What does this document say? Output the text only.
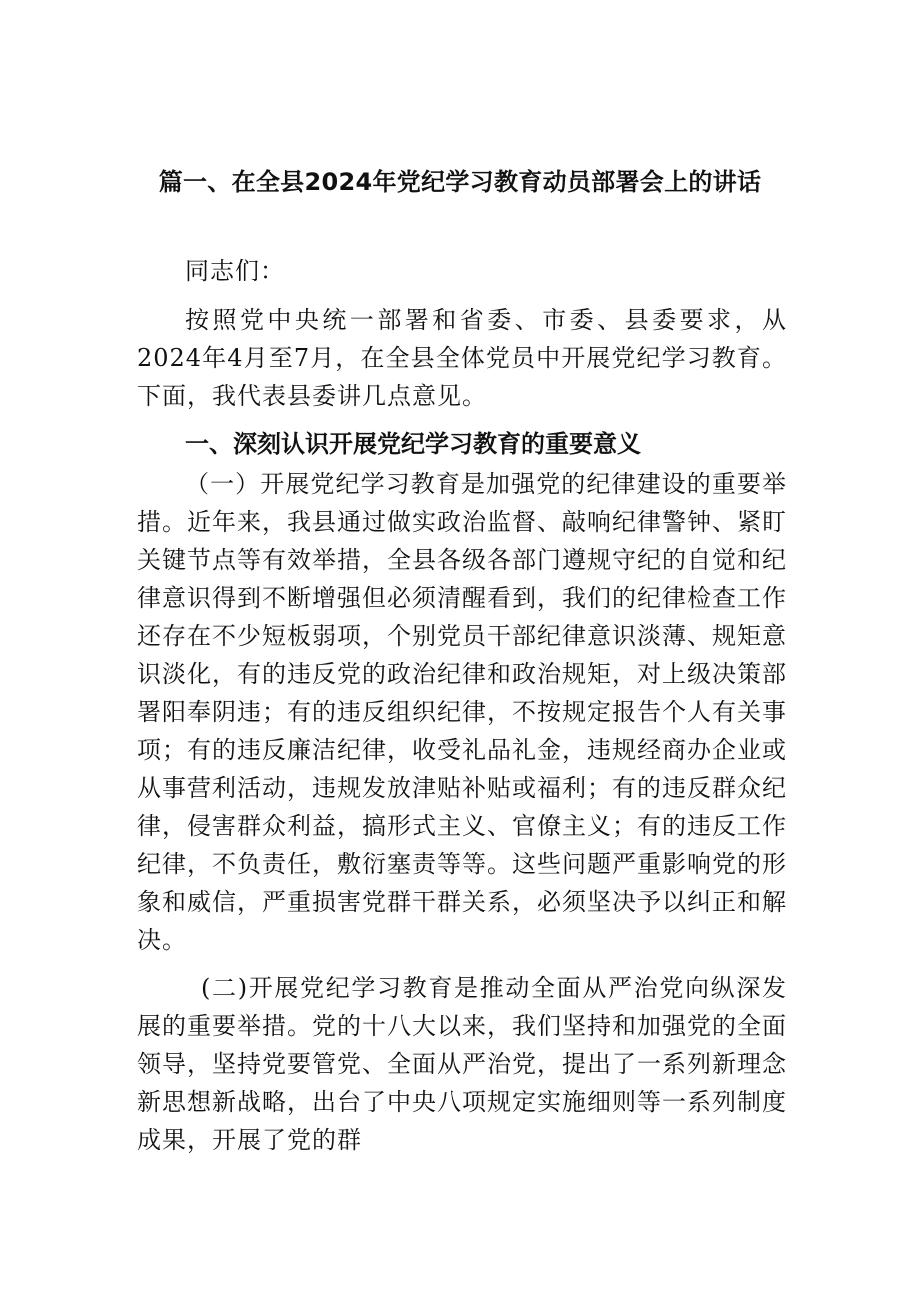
篇一、在全县2024年党纪学习教育动员部署会上的讲话

同志们：

按照党中央统一部署和省委、市委、县委要求，从2024年4月至7月，在全县全体党员中开展党纪学习教育。下面，我代表县委讲几点意见。

一、深刻认识开展党纪学习教育的重要意义

（一）开展党纪学习教育是加强党的纪律建设的重要举措。近年来，我县通过做实政治监督、敲响纪律警钟、紧盯关键节点等有效举措，全县各级各部门遵规守纪的自觉和纪律意识得到不断增强但必须清醒看到，我们的纪律检查工作还存在不少短板弱项，个别党员干部纪律意识淡薄、规矩意识淡化，有的违反党的政治纪律和政治规矩，对上级决策部署阳奉阴违；有的违反组织纪律，不按规定报告个人有关事项；有的违反廉洁纪律，收受礼品礼金，违规经商办企业或从事营利活动，违规发放津贴补贴或福利；有的违反群众纪律，侵害群众利益，搞形式主义、官僚主义；有的违反工作纪律，不负责任，敷衍塞责等等。这些问题严重影响党的形象和威信，严重损害党群干群关系，必须坚决予以纠正和解决。

(二)开展党纪学习教育是推动全面从严治党向纵深发展的重要举措。党的十八大以来，我们坚持和加强党的全面领导，坚持党要管党、全面从严治党，提出了一系列新理念新思想新战略，出台了中央八项规定实施细则等一系列制度成果，开展了党的群
